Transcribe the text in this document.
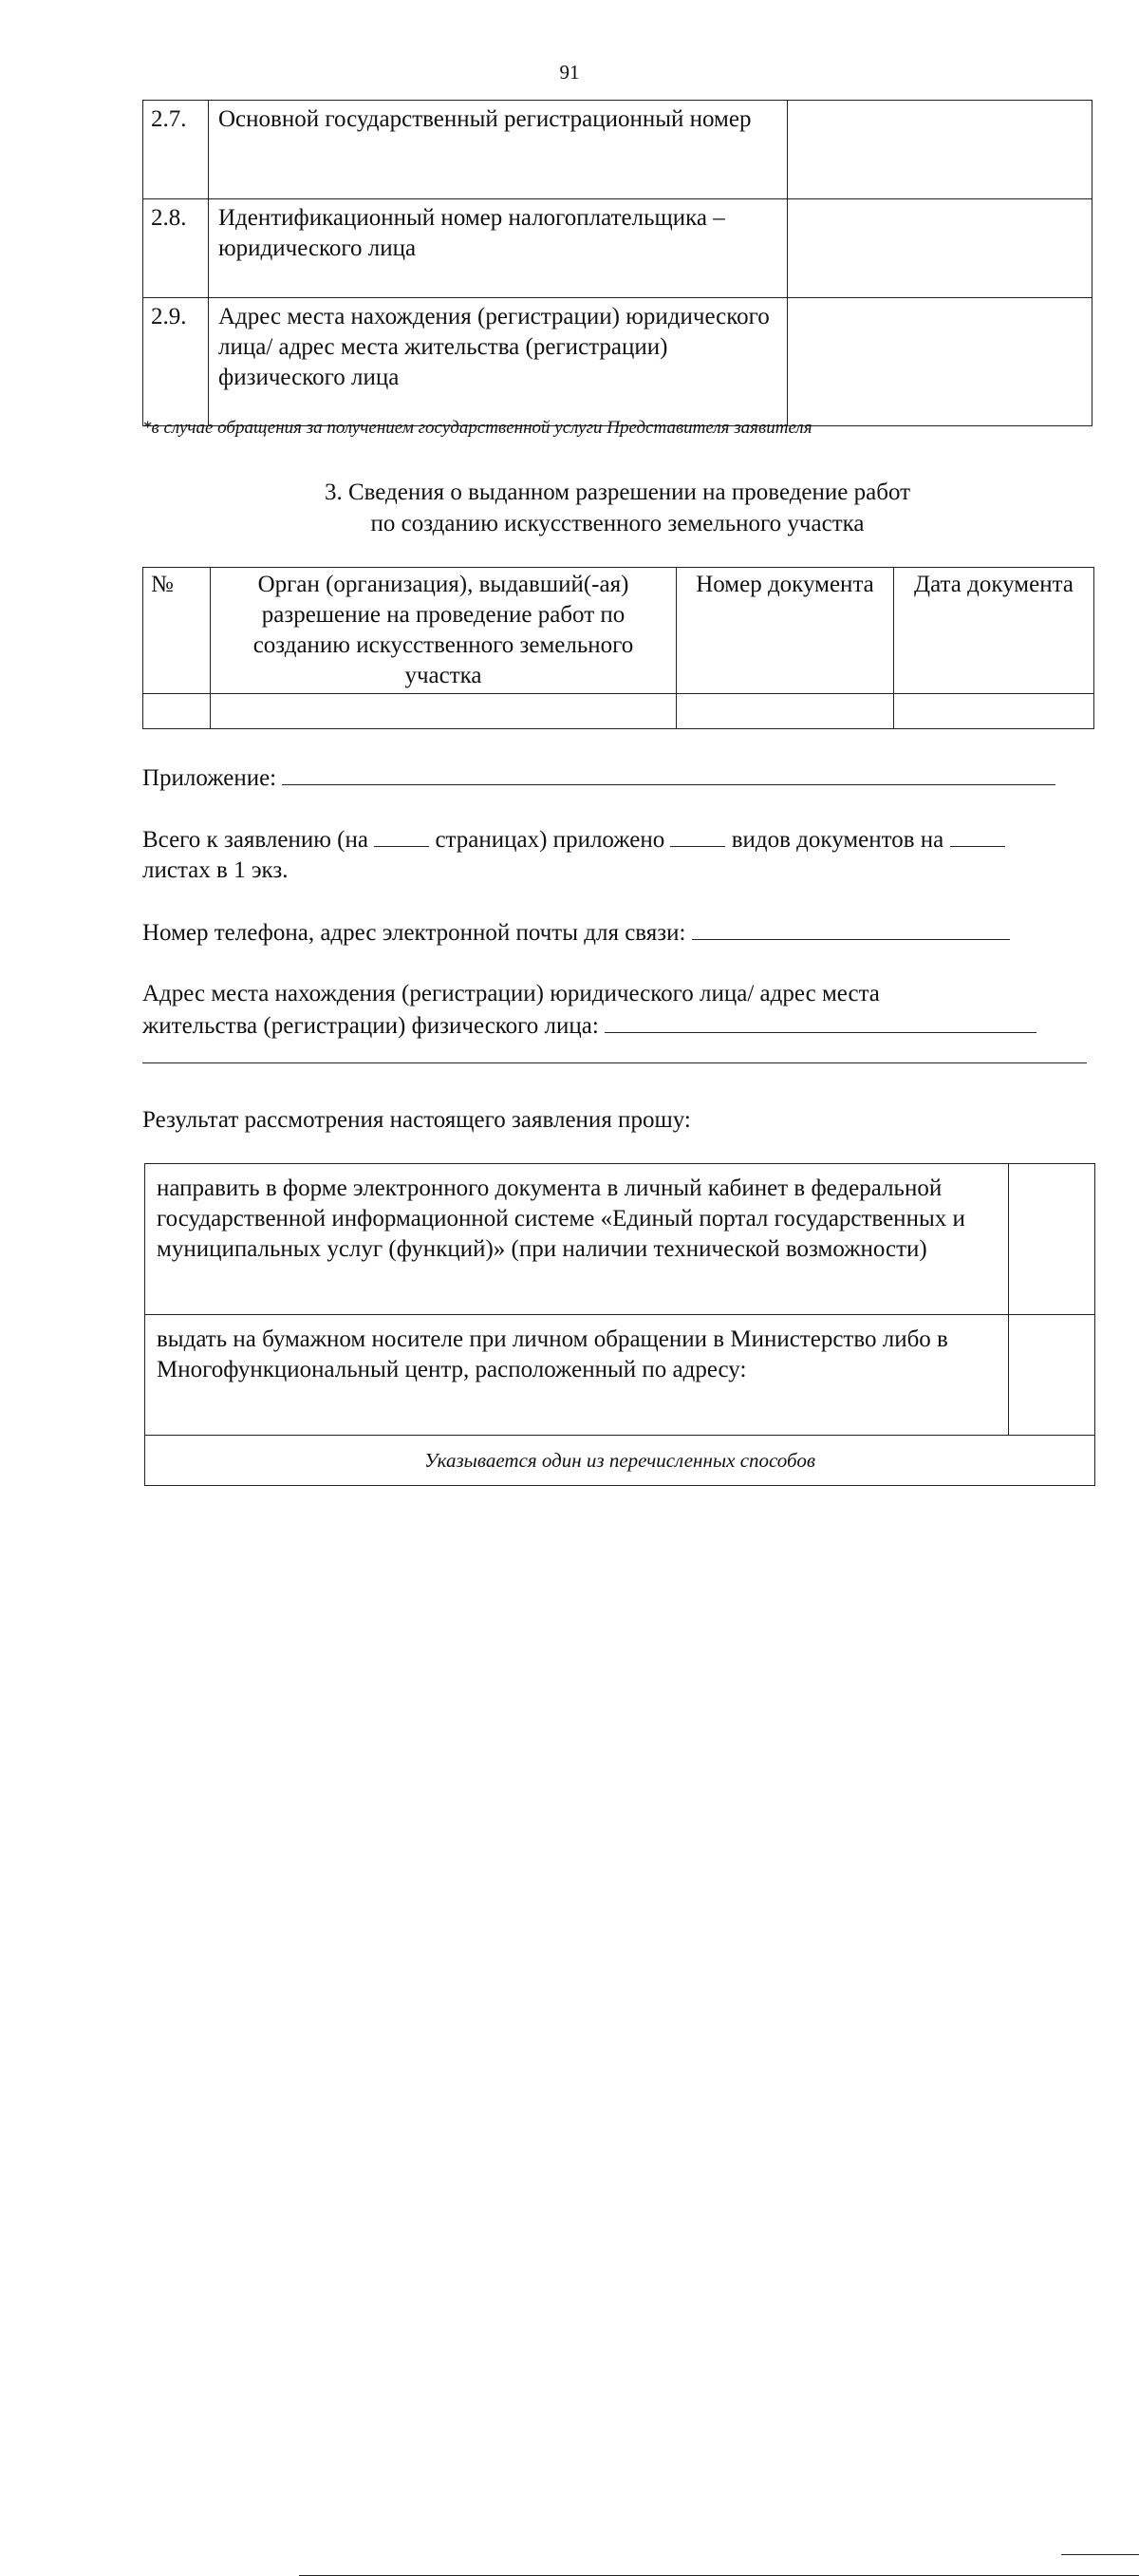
91
2.7.	Основной государственный регистрационный номер	
2.8.	Идентификационный номер налогоплательщика – юридического лица	
2.9.	Адрес места нахождения (регистрации) юридического лица/ адрес места жительства (регистрации) физического лица	
*в случае обращения за получением государственной услуги Представителя заявителя
3. Сведения о выданном разрешении на проведение работ
по созданию искусственного земельного участка
№	Орган (организация), выдавший(-ая) разрешение на проведение работ по созданию искусственного земельного участка	Номер документа	Дата документа

Приложение:
Всего к заявлению (на	страницах) приложено	видов документов на
листах в 1 экз.
Номер телефона, адрес электронной почты для связи:
Адрес места нахождения (регистрации) юридического лица/ адрес места
жительства (регистрации) физического лица:
Результат рассмотрения настоящего заявления прошу:
направить в форме электронного документа в личный кабинет в федеральной государственной информационной системе «Единый портал государственных и муниципальных услуг (функций)» (при наличии технической возможности)	

выдать на бумажном носителе при личном обращении в Министерство либо в Многофункциональный центр, расположенный по адресу:	

Указывается один из перечисленных способов	
